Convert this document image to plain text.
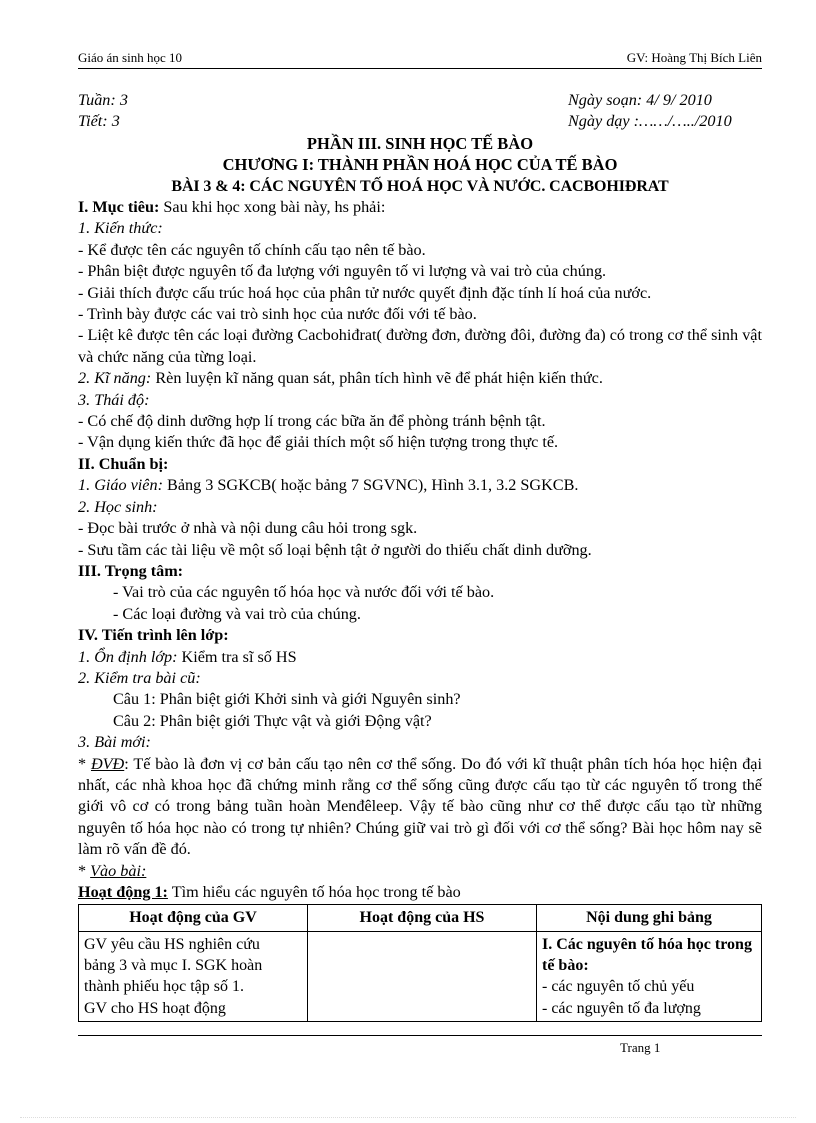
Giáo án sinh học 10	GV: Hoàng Thị Bích Liên
Tuần: 3	Ngày soạn: 4/ 9/ 2010
Tiết: 3	Ngày dạy :……/…../2010
PHẦN III. SINH HỌC TẾ BÀO
CHƯƠNG I: THÀNH PHẦN HOÁ HỌC CỦA TẾ BÀO
BÀI 3 & 4: CÁC NGUYÊN TỐ HOÁ HỌC VÀ NƯỚC. CACBOHIĐRAT

I. Mục tiêu: Sau khi học xong bài này, hs phải:

1. Kiến thức:

- Kể được tên các nguyên tố chính cấu tạo nên tế bào.

- Phân biệt được nguyên tố đa lượng với nguyên tố vi lượng và vai trò của chúng.

- Giải thích được cấu trúc hoá học của phân tử nước quyết định đặc tính lí hoá của nước.

- Trình bày được các vai trò sinh học của nước đối với tế bào.

- Liệt kê được tên các loại đường Cacbohiđrat( đường đơn, đường đôi, đường đa) có trong cơ thể sinh vật và chức năng của từng loại.

2. Kĩ năng: Rèn luyện kĩ năng quan sát, phân tích hình vẽ để phát hiện kiến thức.

3. Thái độ:

- Có chế độ dinh dưỡng hợp lí trong các bữa ăn để phòng tránh bệnh tật.

- Vận dụng kiến thức đã học để giải thích một số hiện tượng trong thực tế.

II. Chuẩn bị:

1. Giáo viên: Bảng 3 SGKCB( hoặc bảng 7 SGVNC), Hình 3.1, 3.2 SGKCB.

2. Học sinh:

- Đọc bài trước ở nhà và nội dung câu hỏi trong sgk.

- Sưu tầm các tài liệu về một số loại bệnh tật ở người do thiếu chất dinh dưỡng.

III. Trọng tâm:

- Vai trò của các nguyên tố hóa học và nước đối với tế bào.

- Các loại đường và vai trò của chúng.

IV. Tiến trình lên lớp:

1. Ổn định lớp: Kiểm tra sĩ số HS

2. Kiểm tra bài cũ:

Câu 1: Phân biệt giới Khởi sinh và giới Nguyên sinh?

Câu 2: Phân biệt giới Thực vật và giới Động vật?

3. Bài mới:

* ĐVĐ: Tế bào là đơn vị cơ bản cấu tạo nên cơ thể sống. Do đó với kĩ thuật phân tích hóa học hiện đại nhất, các nhà khoa học đã chứng minh rằng cơ thể sống cũng được cấu tạo từ các nguyên tố trong thế giới vô cơ có trong bảng tuần hoàn Menđêleep. Vậy tế bào cũng như cơ thể được cấu tạo từ những nguyên tố hóa học nào có trong tự nhiên? Chúng giữ vai trò gì đối với cơ thể sống? Bài học hôm nay sẽ làm rõ vấn đề đó.

* Vào bài:

Hoạt động 1: Tìm hiểu các nguyên tố hóa học trong tế bào

Hoạt động của GV	Hoạt động của HS	Nội dung ghi bảng

GV yêu cầu HS nghiên cứu
bảng 3 và mục I. SGK hoàn
thành phiếu học tập số 1.
GV cho HS hoạt động		I. Các nguyên tố hóa học trong tế bào:
- các nguyên tố chủ yếu
- các nguyên tố đa lượng
Trang 1
